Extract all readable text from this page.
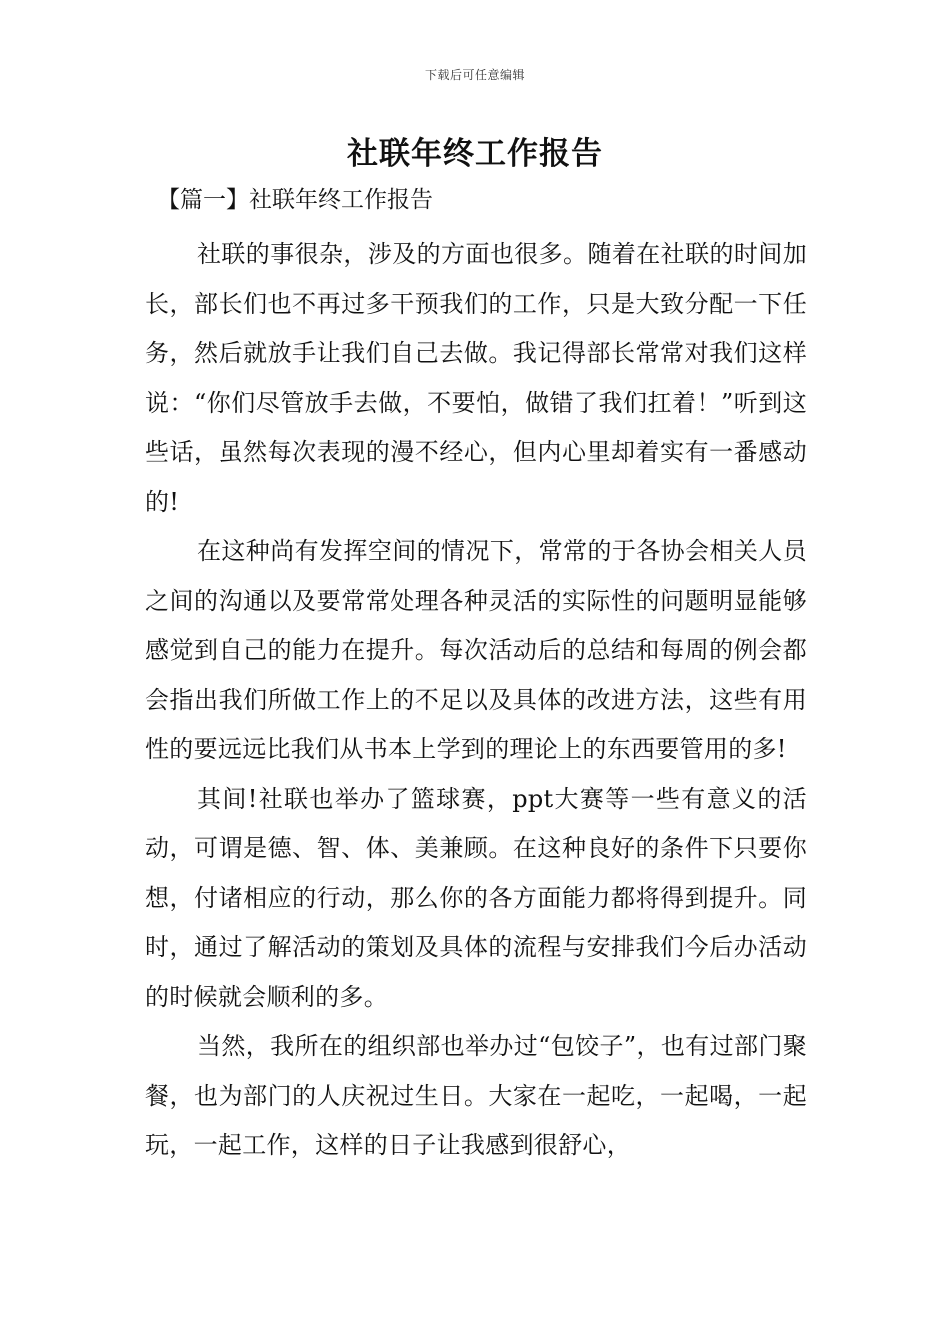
下载后可任意编辑
社联年终工作报告
【篇一】社联年终工作报告

社联的事很杂，涉及的方面也很多。随着在社联的时间加长，部长们也不再过多干预我们的工作，只是大致分配一下任务，然后就放手让我们自己去做。我记得部长常常对我们这样说：“你们尽管放手去做，不要怕，做错了我们扛着！”听到这些话，虽然每次表现的漫不经心，但内心里却着实有一番感动的!

在这种尚有发挥空间的情况下，常常的于各协会相关人员之间的沟通以及要常常处理各种灵活的实际性的问题明显能够感觉到自己的能力在提升。每次活动后的总结和每周的例会都会指出我们所做工作上的不足以及具体的改进方法，这些有用性的要远远比我们从书本上学到的理论上的东西要管用的多!

其间!社联也举办了篮球赛，ppt大赛等一些有意义的活动，可谓是德、智、体、美兼顾。在这种良好的条件下只要你想，付诸相应的行动，那么你的各方面能力都将得到提升。同时，通过了解活动的策划及具体的流程与安排我们今后办活动的时候就会顺利的多。

当然，我所在的组织部也举办过“包饺子”，也有过部门聚餐，也为部门的人庆祝过生日。大家在一起吃，一起喝，一起玩，一起工作，这样的日子让我感到很舒心，
